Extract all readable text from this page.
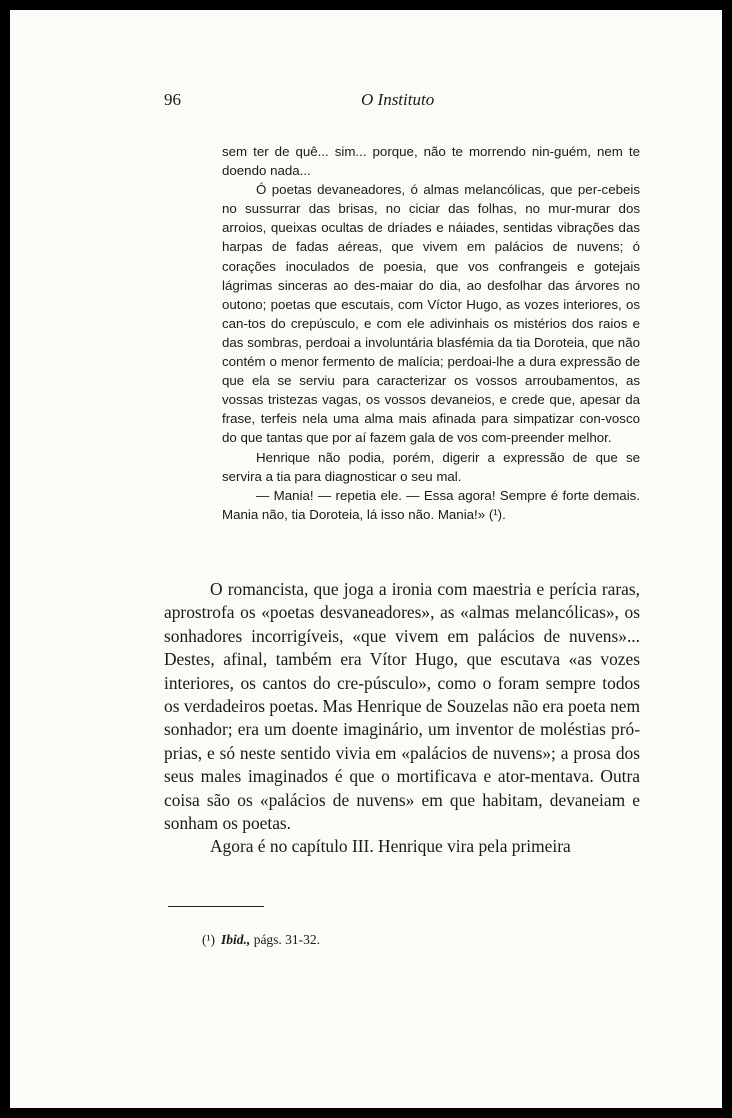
96	O Instituto

sem ter de quê... sim... porque, não te morrendo nin-guém, nem te doendo nada...

Ó poetas devaneadores, ó almas melancólicas, que per-cebeis no sussurrar das brisas, no ciciar das folhas, no mur-murar dos arroios, queixas ocultas de dríades e náiades, sentidas vibrações das harpas de fadas aéreas, que vivem em palácios de nuvens; ó corações inoculados de poesia, que vos confrangeis e gotejais lágrimas sinceras ao des-maiar do dia, ao desfolhar das árvores no outono; poetas que escutais, com Víctor Hugo, as vozes interiores, os can-tos do crepúsculo, e com ele adivinhais os mistérios dos raios e das sombras, perdoai a involuntária blasfémia da tia Doroteia, que não contém o menor fermento de malícia; perdoai-lhe a dura expressão de que ela se serviu para caracterizar os vossos arroubamentos, as vossas tristezas vagas, os vossos devaneios, e crede que, apesar da frase, terfeis nela uma alma mais afinada para simpatizar con-vosco do que tantas que por aí fazem gala de vos com-preender melhor.

Henrique não podia, porém, digerir a expressão de que se servira a tia para diagnosticar o seu mal.

— Mania! — repetia ele. — Essa agora! Sempre é forte demais. Mania não, tia Doroteia, lá isso não. Mania!» (¹).

O romancista, que joga a ironia com maestria e perícia raras, aprostrofa os «poetas desvaneadores», as «almas melancólicas», os sonhadores incorrigíveis, «que vivem em palácios de nuvens»... Destes, afinal, também era Vítor Hugo, que escutava «as vozes interiores, os cantos do cre-púsculo», como o foram sempre todos os verdadeiros poetas. Mas Henrique de Souzelas não era poeta nem sonhador; era um doente imaginário, um inventor de moléstias pró-prias, e só neste sentido vivia em «palácios de nuvens»; a prosa dos seus males imaginados é que o mortificava e ator-mentava. Outra coisa são os «palácios de nuvens» em que habitam, devaneiam e sonham os poetas.

Agora é no capítulo III. Henrique vira pela primeira

(¹) Ibid., págs. 31-32.
